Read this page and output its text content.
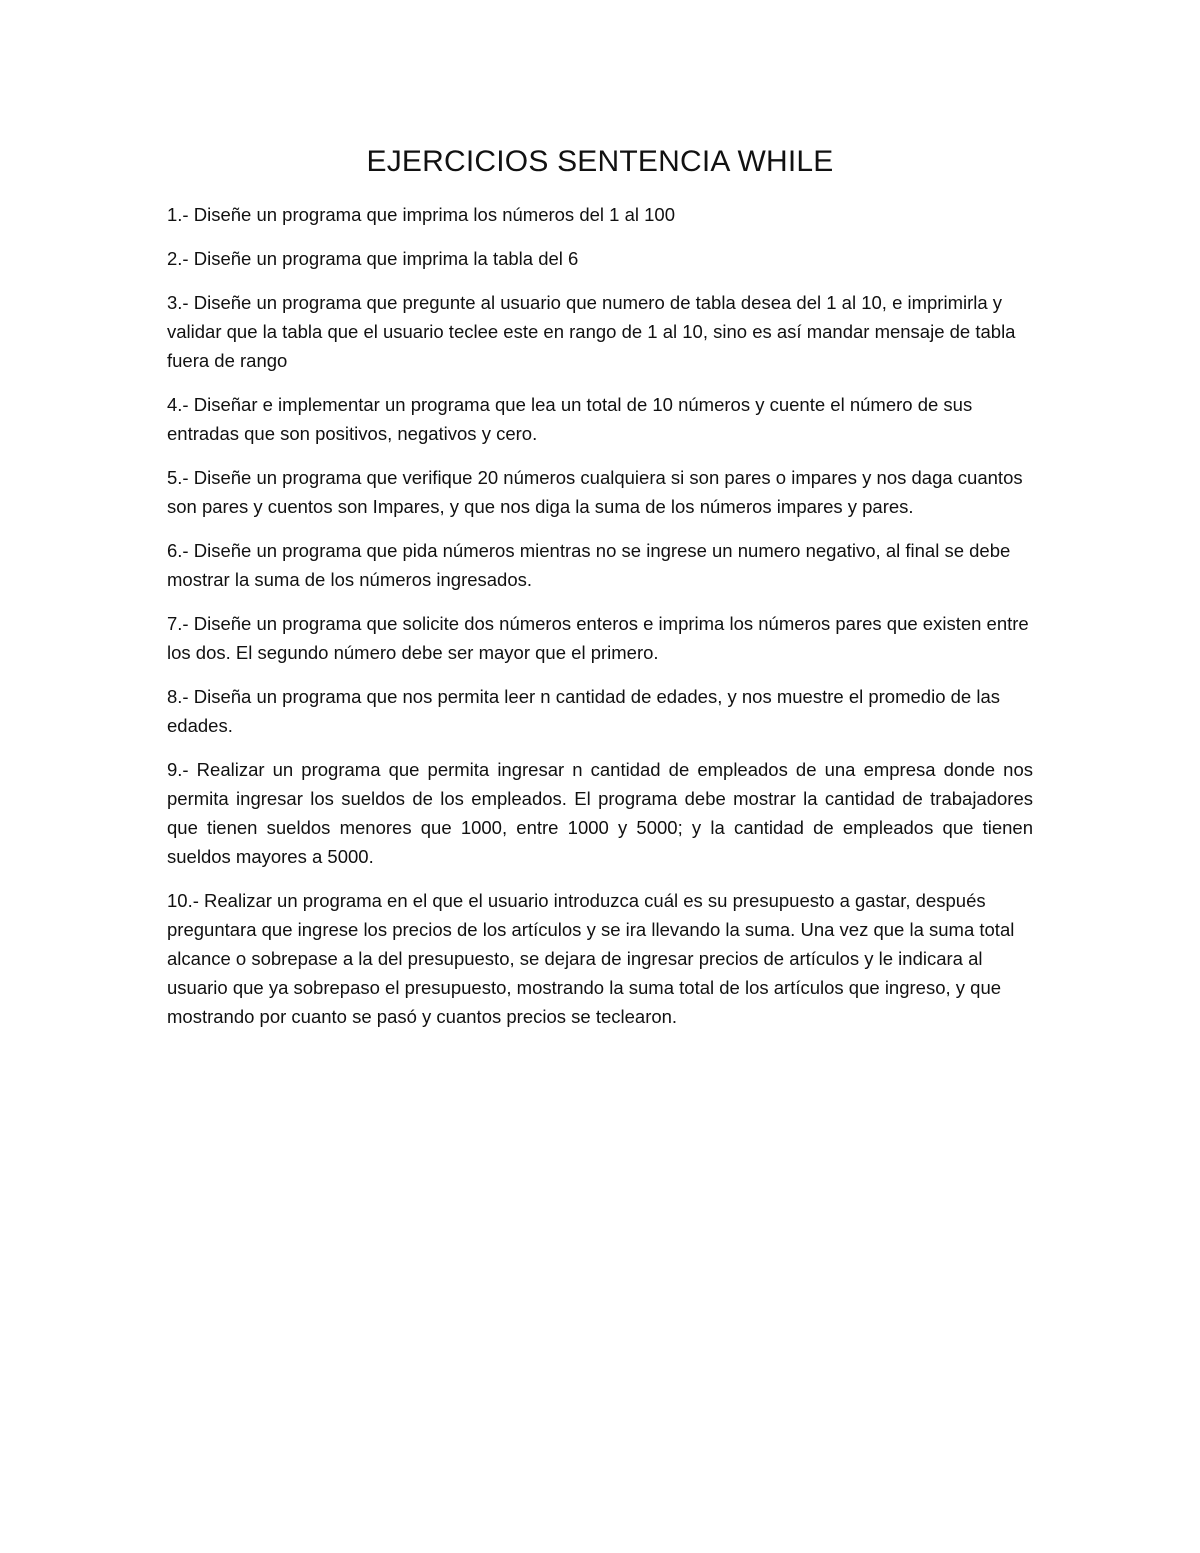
EJERCICIOS SENTENCIA WHILE
1.- Diseñe un programa que imprima los números del 1 al 100
2.- Diseñe un programa que imprima la tabla del 6
3.- Diseñe un programa que pregunte al usuario que numero de tabla desea del 1 al 10, e imprimirla y validar que la tabla que el usuario teclee este en rango de 1 al 10, sino es así mandar mensaje de tabla fuera de rango
4.- Diseñar e implementar un programa que lea un total de 10 números y cuente el número de sus entradas que son positivos, negativos y cero.
5.- Diseñe un programa que verifique 20 números cualquiera si son pares o impares y nos daga cuantos son pares y cuentos son Impares, y que nos diga la suma de los números impares y pares.
6.- Diseñe un programa que pida números mientras no se ingrese un numero negativo, al final se debe mostrar la suma de los números ingresados.
7.- Diseñe un programa que solicite dos números enteros e imprima los números pares que existen entre los dos. El segundo número debe ser mayor que el primero.
8.- Diseña un programa que nos permita leer n cantidad de edades, y nos muestre el promedio de las edades.
9.- Realizar un programa que permita ingresar n cantidad de empleados de una empresa donde nos permita ingresar los sueldos de los empleados. El programa debe mostrar la cantidad de trabajadores que tienen sueldos menores que 1000, entre 1000 y 5000; y la cantidad de empleados que tienen sueldos mayores a 5000.
10.- Realizar un programa en el que el usuario introduzca cuál es su presupuesto a gastar, después preguntara que ingrese los precios de los artículos y se ira llevando la suma. Una vez que la suma total alcance o sobrepase a la del presupuesto, se dejara de ingresar precios de artículos y le indicara al usuario que ya sobrepaso el presupuesto, mostrando la suma total de los artículos que ingreso, y que mostrando por cuanto se pasó y cuantos precios se teclearon.
